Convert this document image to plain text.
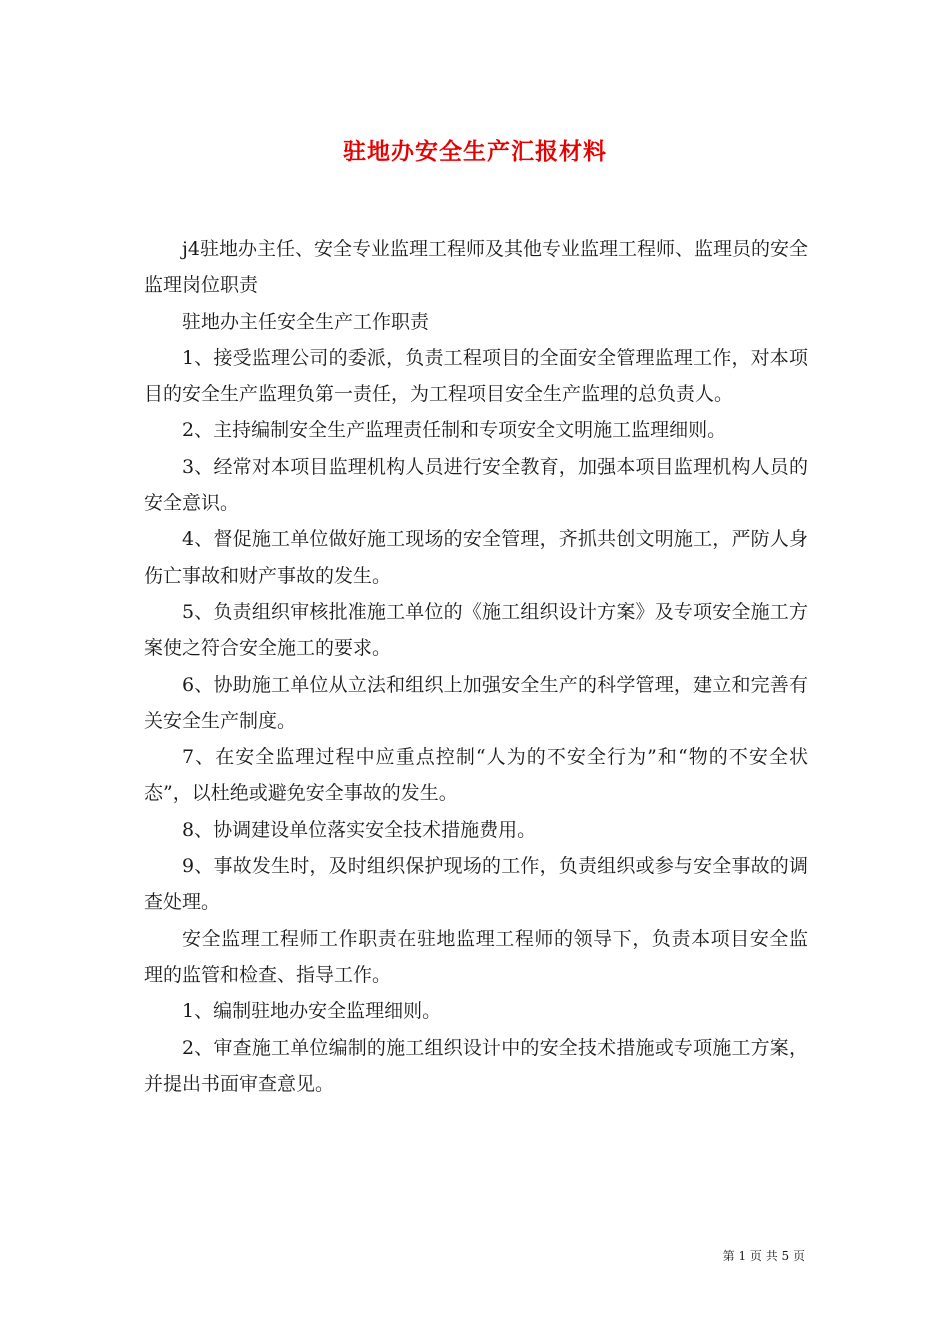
驻地办安全生产汇报材料

j4驻地办主任、安全专业监理工程师及其他专业监理工程师、监理员的安全监理岗位职责

驻地办主任安全生产工作职责

1、接受监理公司的委派，负责工程项目的全面安全管理监理工作，对本项目的安全生产监理负第一责任，为工程项目安全生产监理的总负责人。

2、主持编制安全生产监理责任制和专项安全文明施工监理细则。

3、经常对本项目监理机构人员进行安全教育，加强本项目监理机构人员的安全意识。

4、督促施工单位做好施工现场的安全管理，齐抓共创文明施工，严防人身伤亡事故和财产事故的发生。

5、负责组织审核批准施工单位的《施工组织设计方案》及专项安全施工方案使之符合安全施工的要求。

6、协助施工单位从立法和组织上加强安全生产的科学管理，建立和完善有关安全生产制度。

7、在安全监理过程中应重点控制“人为的不安全行为”和“物的不安全状态”，以杜绝或避免安全事故的发生。

8、协调建设单位落实安全技术措施费用。

9、事故发生时，及时组织保护现场的工作，负责组织或参与安全事故的调查处理。

安全监理工程师工作职责在驻地监理工程师的领导下，负责本项目安全监理的监管和检查、指导工作。

1、编制驻地办安全监理细则。

2、审查施工单位编制的施工组织设计中的安全技术措施或专项施工方案，并提出书面审查意见。

第 1 页 共 5 页
